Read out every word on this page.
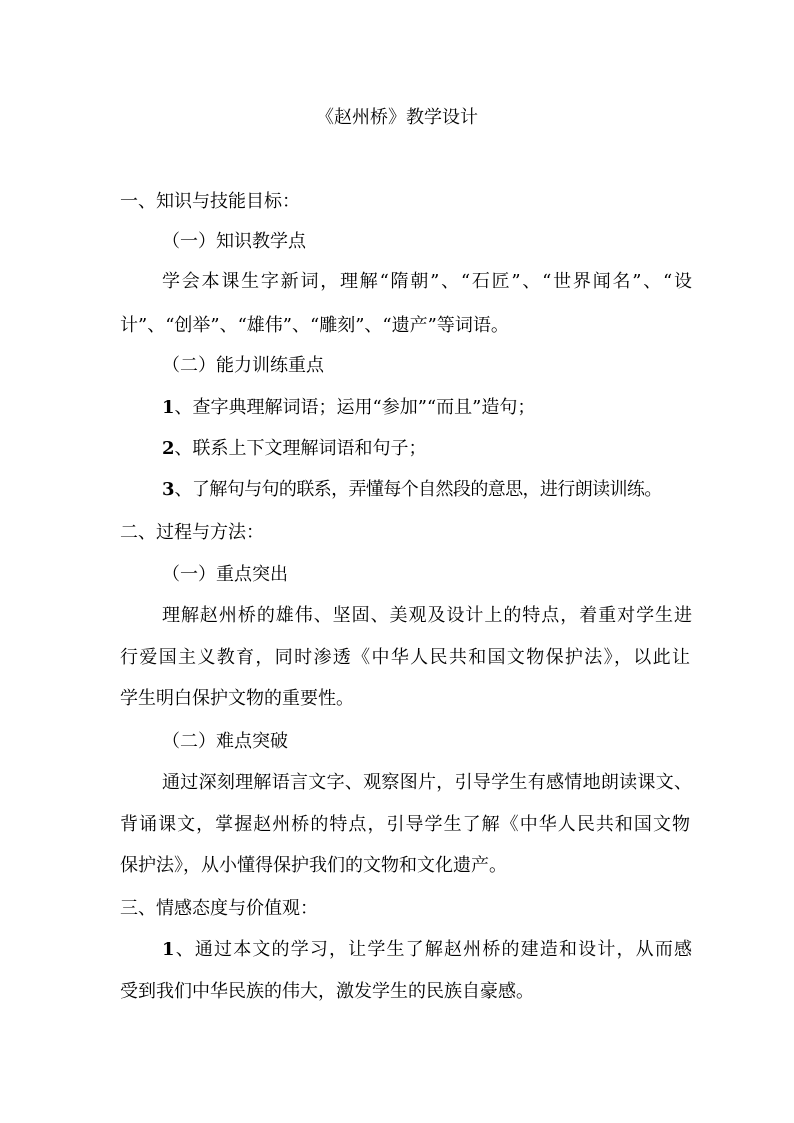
《赵州桥》教学设计
一、知识与技能目标：
（一）知识教学点
学会本课生字新词，理解“隋朝”、“石匠”、“世界闻名”、“设
计”、“创举”、“雄伟”、“雕刻”、“遗产”等词语。
（二）能力训练重点
1、查字典理解词语；运用“参加”“而且”造句；
2、联系上下文理解词语和句子；
3、了解句与句的联系，弄懂每个自然段的意思，进行朗读训练。
二、过程与方法：
（一）重点突出
理解赵州桥的雄伟、坚固、美观及设计上的特点，着重对学生进
行爱国主义教育，同时渗透《中华人民共和国文物保护法》，以此让
学生明白保护文物的重要性。
（二）难点突破
通过深刻理解语言文字、观察图片，引导学生有感情地朗读课文、
背诵课文，掌握赵州桥的特点，引导学生了解《中华人民共和国文物
保护法》，从小懂得保护我们的文物和文化遗产。
三、情感态度与价值观：
1、通过本文的学习，让学生了解赵州桥的建造和设计，从而感
受到我们中华民族的伟大，激发学生的民族自豪感。
